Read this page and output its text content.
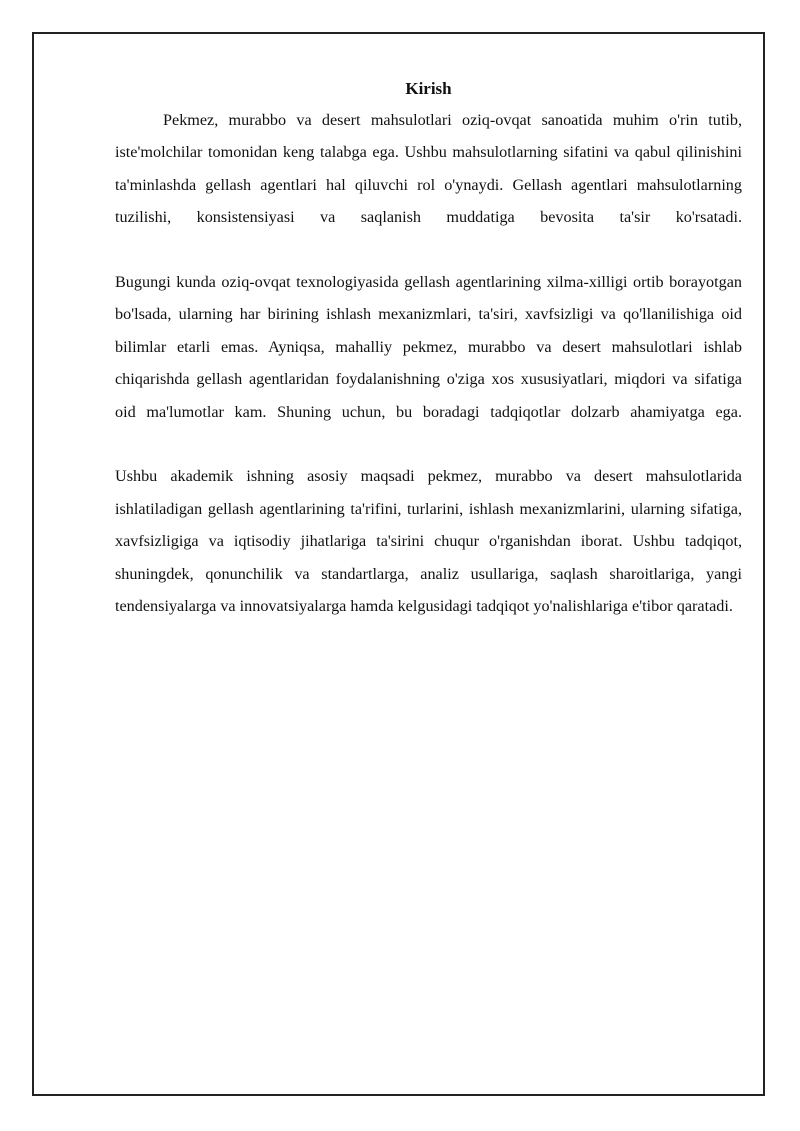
Kirish

Pekmez, murabbo va desert mahsulotlari oziq-ovqat sanoatida muhim o'rin tutib, iste'molchilar tomonidan keng talabga ega. Ushbu mahsulotlarning sifatini va qabul qilinishini ta'minlashda gellash agentlari hal qiluvchi rol o'ynaydi. Gellash agentlari mahsulotlarning tuzilishi, konsistensiyasi va saqlanish muddatiga bevosita ta'sir ko'rsatadi.

Bugungi kunda oziq-ovqat texnologiyasida gellash agentlarining xilma-xilligi ortib borayotgan bo'lsada, ularning har birining ishlash mexanizmlari, ta'siri, xavfsizligi va qo'llanilishiga oid bilimlar etarli emas. Ayniqsa, mahalliy pekmez, murabbo va desert mahsulotlari ishlab chiqarishda gellash agentlaridan foydalanishning o'ziga xos xususiyatlari, miqdori va sifatiga oid ma'lumotlar kam. Shuning uchun, bu boradagi tadqiqotlar dolzarb ahamiyatga ega.

Ushbu akademik ishning asosiy maqsadi pekmez, murabbo va desert mahsulotlarida ishlatiladigan gellash agentlarining ta'rifini, turlarini, ishlash mexanizmlarini, ularning sifatiga, xavfsizligiga va iqtisodiy jihatlariga ta'sirini chuqur o'rganishdan iborat. Ushbu tadqiqot, shuningdek, qonunchilik va standartlarga, analiz usullariga, saqlash sharoitlariga, yangi tendensiyalarga va innovatsiyalarga hamda kelgusidagi tadqiqot yo'nalishlariga e'tibor qaratadi.
